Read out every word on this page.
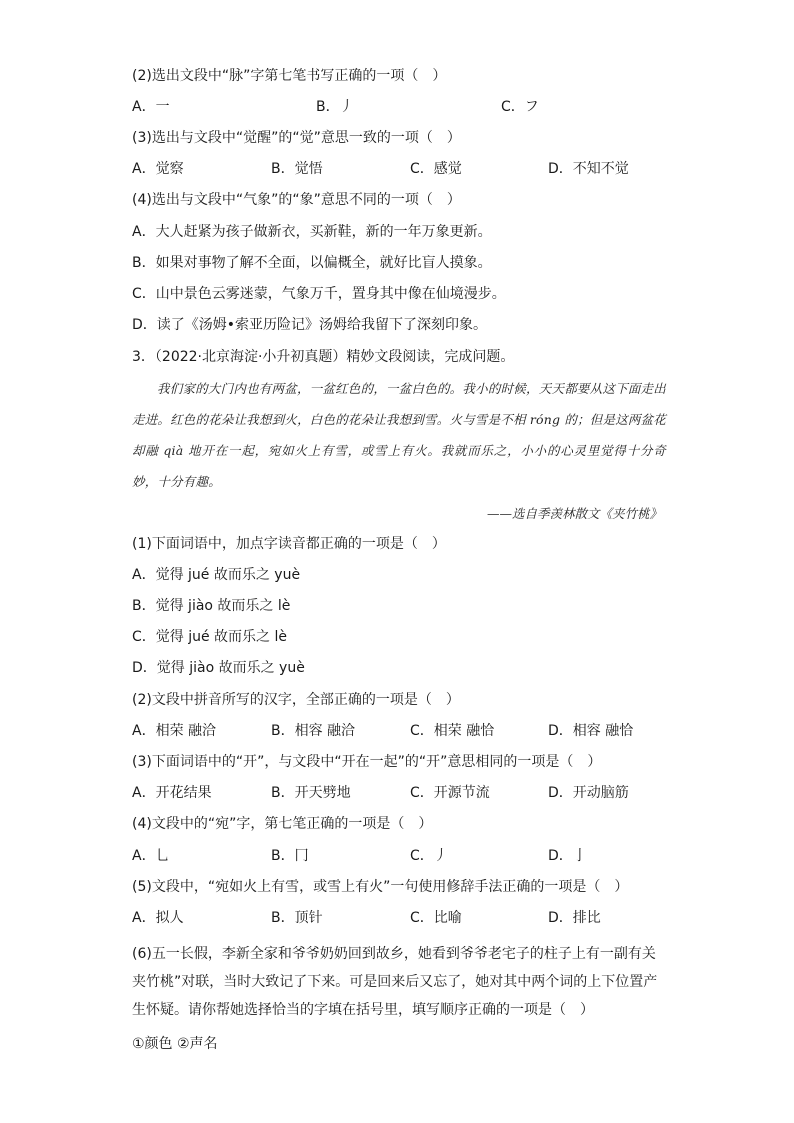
(2)选出文段中“脉”字第七笔书写正确的一项（　）
A．一	B．丿	C．フ
(3)选出与文段中“觉醒”的“觉”意思一致的一项（　）
A．觉察	B．觉悟	C．感觉	D．不知不觉
(4)选出与文段中“气象”的“象”意思不同的一项（　）
A．大人赶紧为孩子做新衣，买新鞋，新的一年万象更新。
B．如果对事物了解不全面，以偏概全，就好比盲人摸象。
C．山中景色云雾迷蒙，气象万千，置身其中像在仙境漫步。
D．读了《汤姆•索亚历险记》汤姆给我留下了深刻印象。
3．（2022·北京海淀·小升初真题）精妙文段阅读，完成问题。
我们家的大门内也有两盆，一盆红色的，一盆白色的。我小的时候，天天都要从这下面走出走进。红色的花朵让我想到火，白色的花朵让我想到雪。火与雪是不相 róng 的；但是这两盆花却融 qià 地开在一起，宛如火上有雪，或雪上有火。我就而乐之，小小的心灵里觉得十分奇妙，十分有趣。
——选自季羡林散文《夹竹桃》
(1)下面词语中，加点字读音都正确的一项是（　）
A．觉得 jué 故而乐之 yuè
B．觉得 jiào 故而乐之 lè
C．觉得 jué 故而乐之 lè
D．觉得 jiào 故而乐之 yuè
(2)文段中拼音所写的汉字，全部正确的一项是（　）
A．相荣 融洽	B．相容 融洽	C．相荣 融恰	D．相容 融恰
(3)下面词语中的“开”，与文段中“开在一起”的“开”意思相同的一项是（　）
A．开花结果	B．开天劈地	C．开源节流	D．开动脑筋
(4)文段中的“宛”字，第七笔正确的一项是（　）
A．乚	B．冂	C．丿	D．亅
(5)文段中，“宛如火上有雪，或雪上有火”一句使用修辞手法正确的一项是（　）
A．拟人	B．顶针	C．比喻	D．排比
(6)五一长假，李新全家和爷爷奶奶回到故乡，她看到爷爷老宅子的柱子上有一副有关夹竹桃”对联，当时大致记了下来。可是回来后又忘了，她对其中两个词的上下位置产生怀疑。请你帮她选择恰当的字填在括号里，填写顺序正确的一项是（　）
①颜色 ②声名
